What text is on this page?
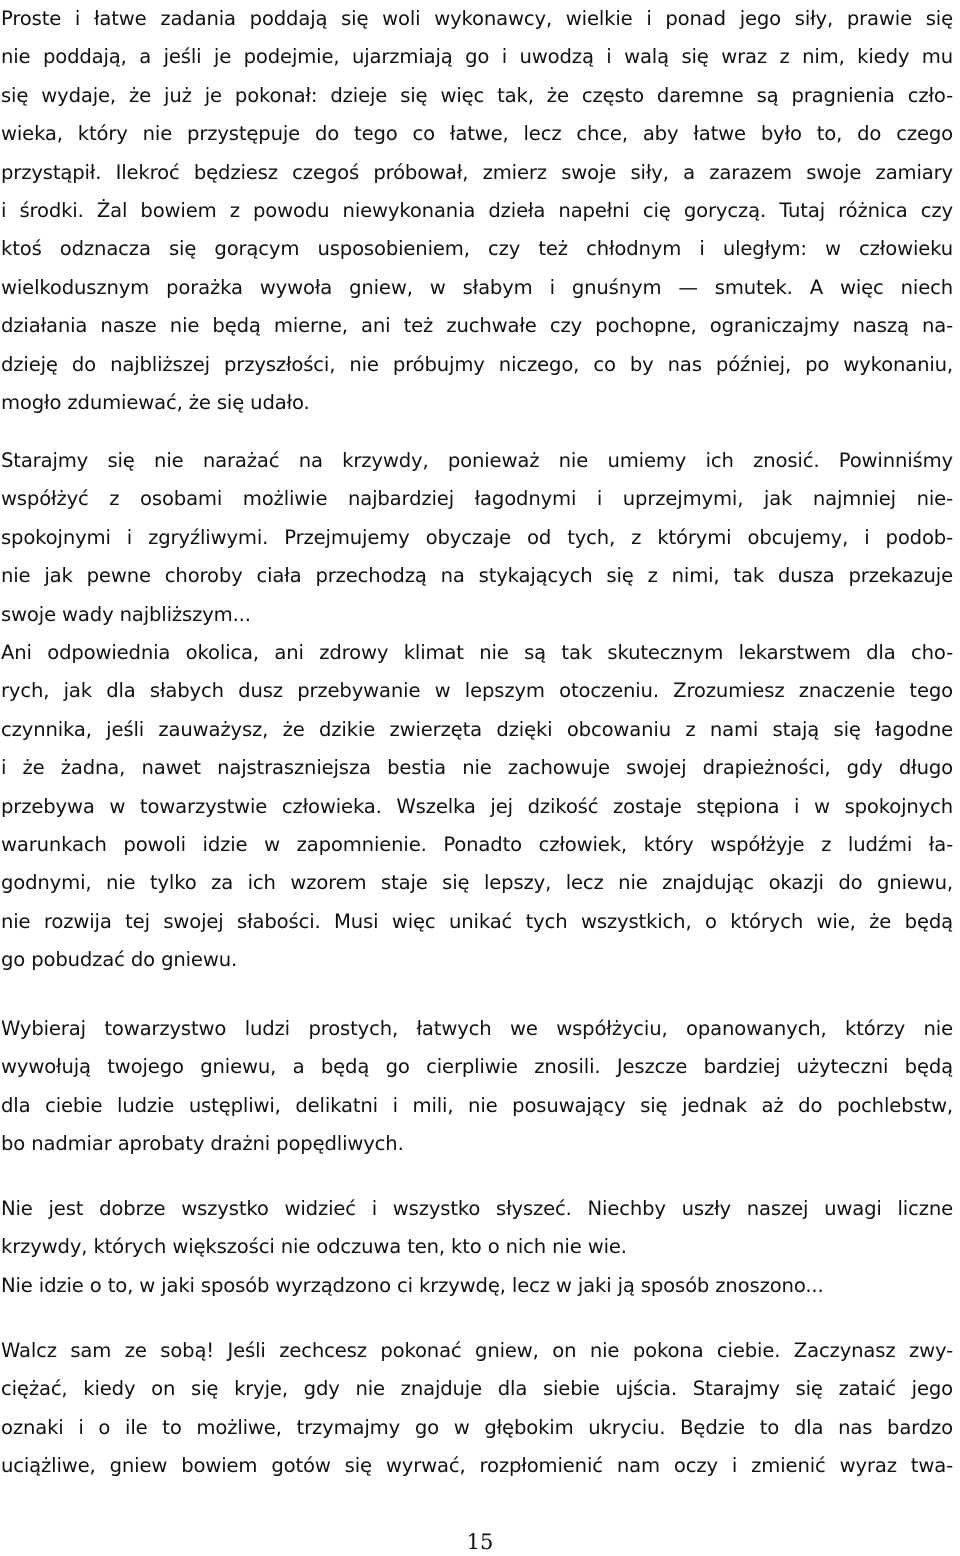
Proste i łatwe zadania poddają się woli wykonawcy, wielkie i ponad jego siły, prawie się
nie poddają, a jeśli je podejmie, ujarzmiają go i uwodzą i walą się wraz z nim, kiedy mu
się wydaje, że już je pokonał: dzieje się więc tak, że często daremne są pragnienia czło-
wieka, który nie przystępuje do tego co łatwe, lecz chce, aby łatwe było to, do czego
przystąpił. Ilekroć będziesz czegoś próbował, zmierz swoje siły, a zarazem swoje zamiary
i środki. Żal bowiem z powodu niewykonania dzieła napełni cię goryczą. Tutaj różnica czy
ktoś odznacza się gorącym usposobieniem, czy też chłodnym i uległym: w człowieku
wielkodusznym porażka wywoła gniew, w słabym i gnuśnym — smutek. A więc niech
działania nasze nie będą mierne, ani też zuchwałe czy pochopne, ograniczajmy naszą na-
dzieję do najbliższej przyszłości, nie próbujmy niczego, co by nas później, po wykonaniu,
mogło zdumiewać, że się udało.
Starajmy się nie narażać na krzywdy, ponieważ nie umiemy ich znosić. Powinniśmy
współżyć z osobami możliwie najbardziej łagodnymi i uprzejmymi, jak najmniej nie-
spokojnymi i zgryźliwymi. Przejmujemy obyczaje od tych, z którymi obcujemy, i podob-
nie jak pewne choroby ciała przechodzą na stykających się z nimi, tak dusza przekazuje
swoje wady najbliższym...
Ani odpowiednia okolica, ani zdrowy klimat nie są tak skutecznym lekarstwem dla cho-
rych, jak dla słabych dusz przebywanie w lepszym otoczeniu. Zrozumiesz znaczenie tego
czynnika, jeśli zauważysz, że dzikie zwierzęta dzięki obcowaniu z nami stają się łagodne
i że żadna, nawet najstraszniejsza bestia nie zachowuje swojej drapieżności, gdy długo
przebywa w towarzystwie człowieka. Wszelka jej dzikość zostaje stępiona i w spokojnych
warunkach powoli idzie w zapomnienie. Ponadto człowiek, który współżyje z ludźmi ła-
godnymi, nie tylko za ich wzorem staje się lepszy, lecz nie znajdując okazji do gniewu,
nie rozwija tej swojej słabości. Musi więc unikać tych wszystkich, o których wie, że będą
go pobudzać do gniewu.
Wybieraj towarzystwo ludzi prostych, łatwych we współżyciu, opanowanych, którzy nie
wywołują twojego gniewu, a będą go cierpliwie znosili. Jeszcze bardziej użyteczni będą
dla ciebie ludzie ustępliwi, delikatni i mili, nie posuwający się jednak aż do pochlebstw,
bo nadmiar aprobaty drażni popędliwych.
Nie jest dobrze wszystko widzieć i wszystko słyszeć. Niechby uszły naszej uwagi liczne
krzywdy, których większości nie odczuwa ten, kto o nich nie wie.
Nie idzie o to, w jaki sposób wyrządzono ci krzywdę, lecz w jaki ją sposób znoszono...
Walcz sam ze sobą! Jeśli zechcesz pokonać gniew, on nie pokona ciebie. Zaczynasz zwy-
ciężać, kiedy on się kryje, gdy nie znajduje dla siebie ujścia. Starajmy się zataić jego
oznaki i o ile to możliwe, trzymajmy go w głębokim ukryciu. Będzie to dla nas bardzo
uciążliwe, gniew bowiem gotów się wyrwać, rozpłomienić nam oczy i zmienić wyraz twa-
15
